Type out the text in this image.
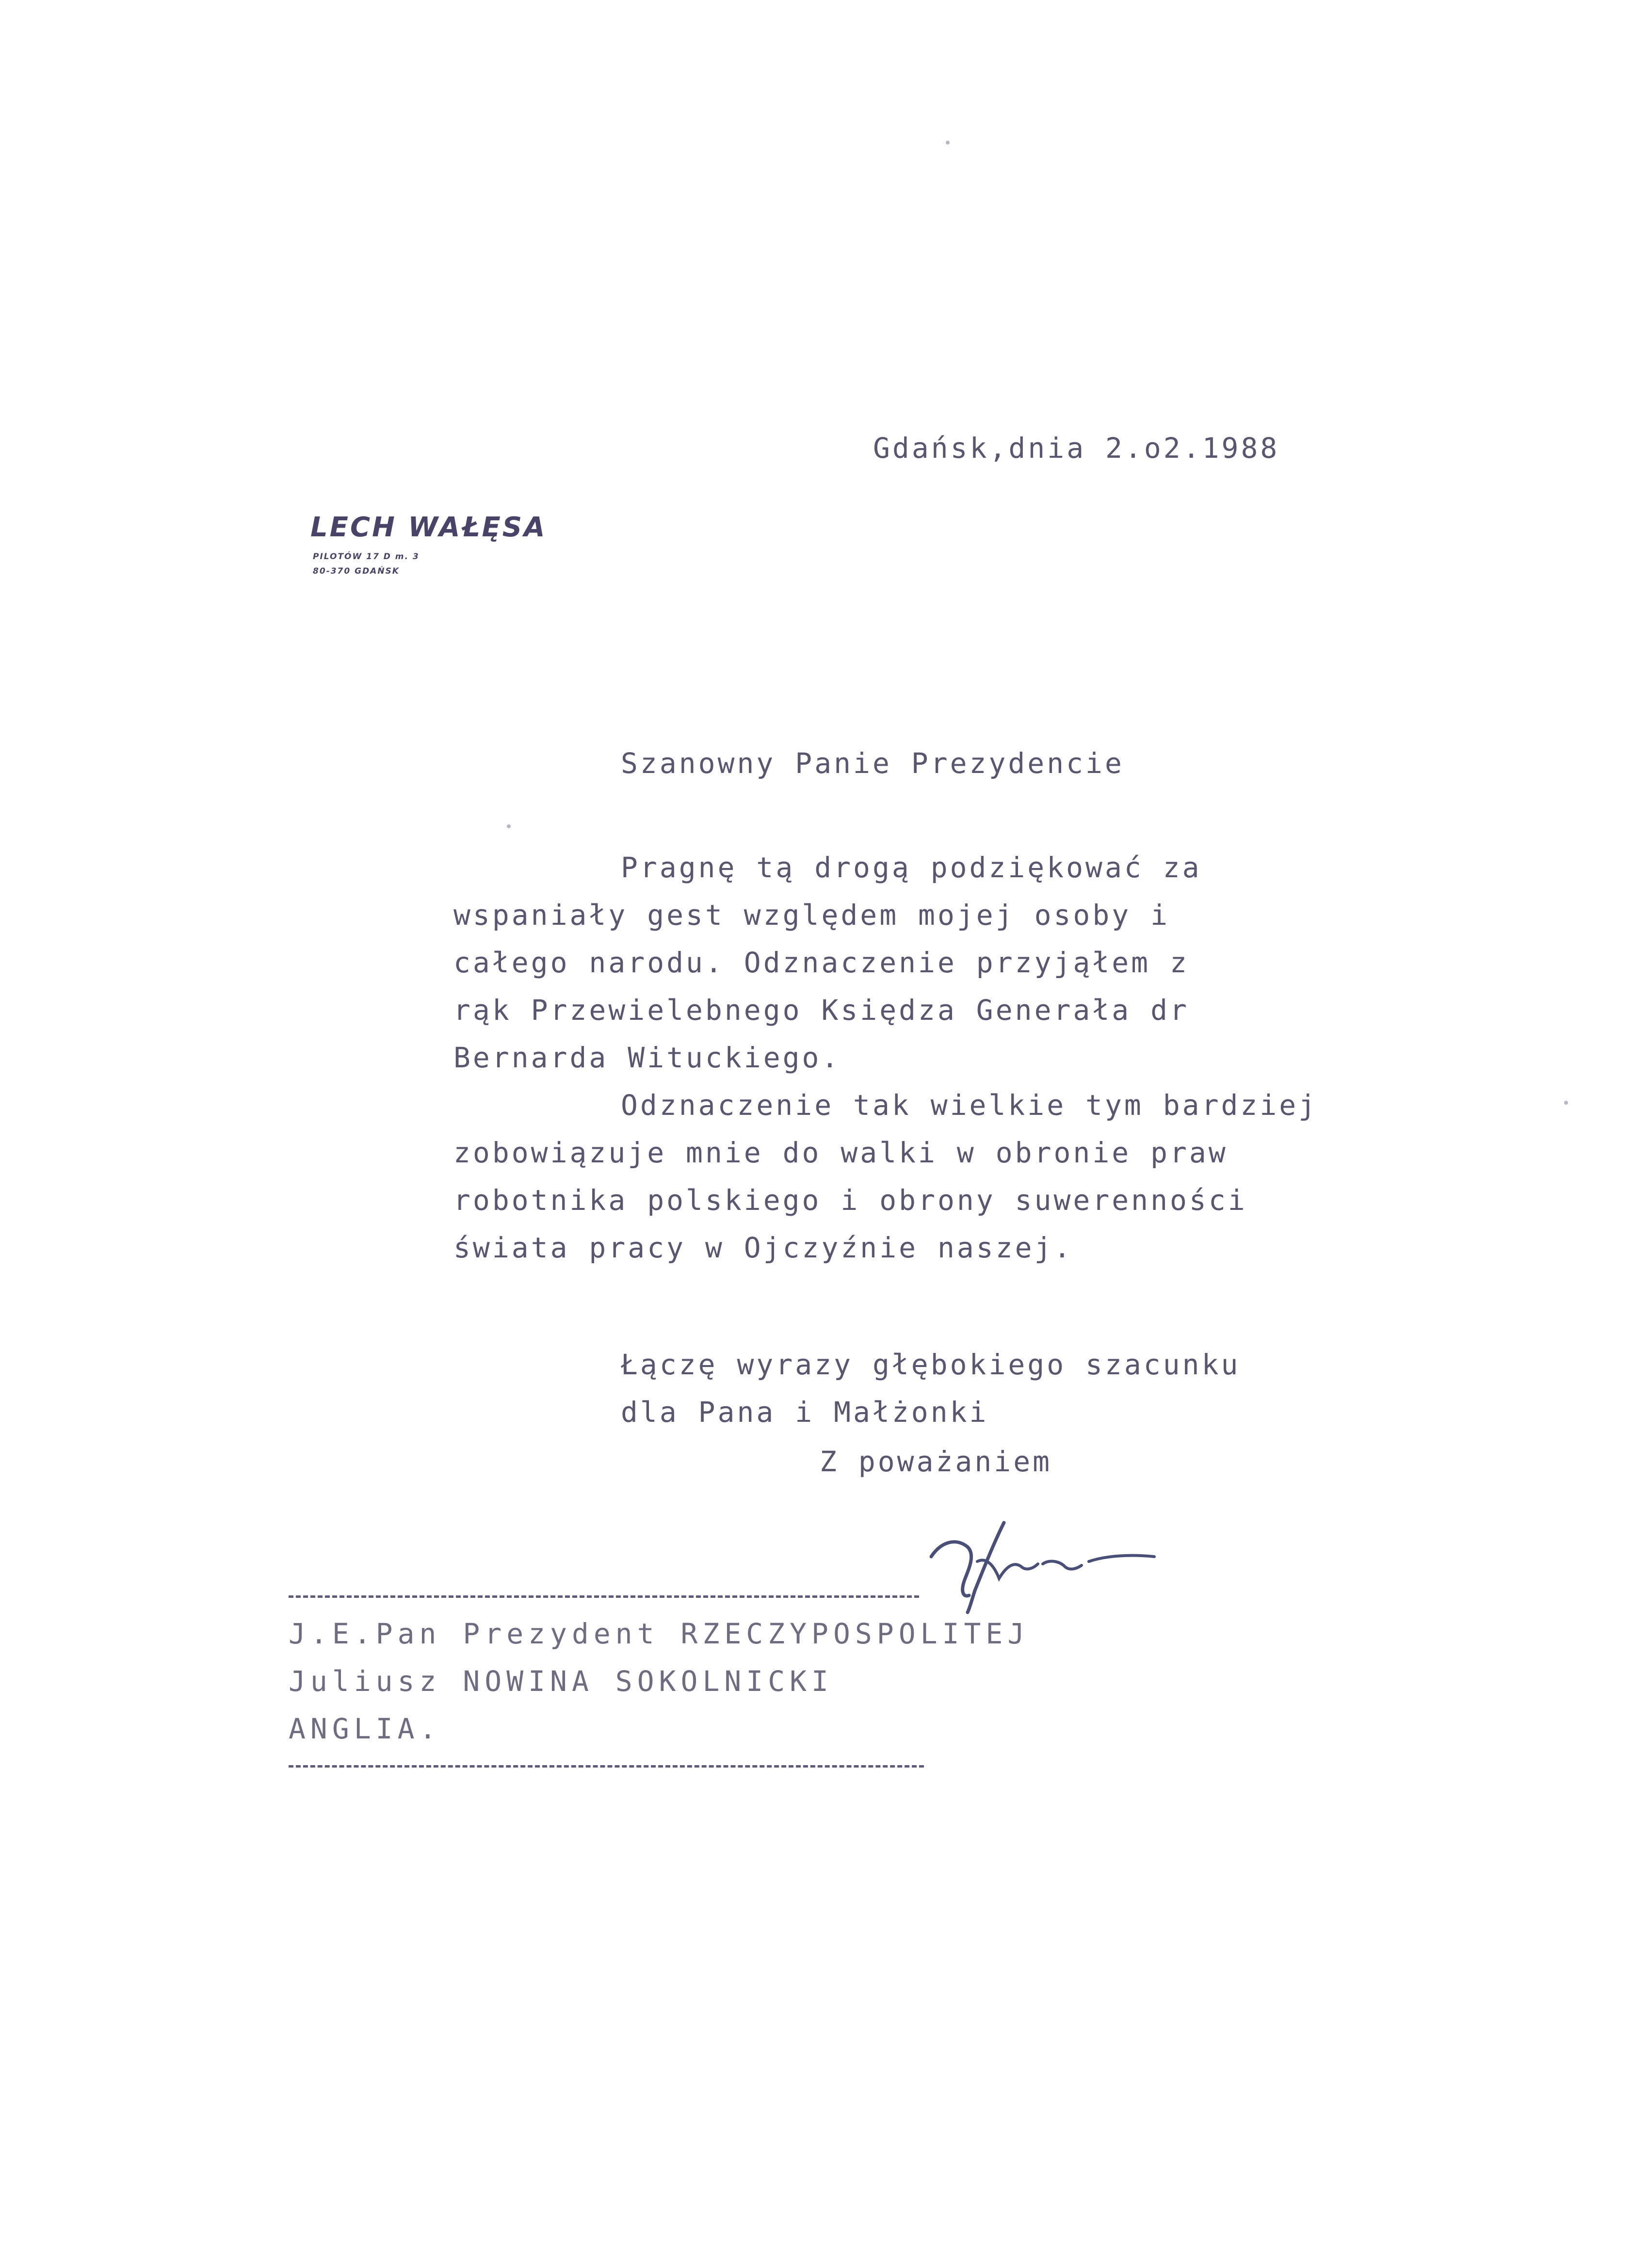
LECH WAŁĘSA
PILOTÓW 17 D m. 3
80-370 GDAŃSK
Gdańsk,dnia 2.o2.1988
Szanowny Panie Prezydencie
Pragnę tą drogą podziękować za
wspaniały gest względem mojej osoby i
całego narodu. Odznaczenie przyjąłem z
rąk Przewielebnego Księdza Generała dr
Bernarda Wituckiego.
Odznaczenie tak wielkie tym bardziej
zobowiązuje mnie do walki w obronie praw
robotnika polskiego i obrony suwerenności
świata pracy w Ojczyźnie naszej.
Łączę wyrazy głębokiego szacunku
dla Pana i Małżonki
Z poważaniem
J.E.Pan Prezydent RZECZYPOSPOLITEJ
Juliusz NOWINA SOKOLNICKI
ANGLIA.
